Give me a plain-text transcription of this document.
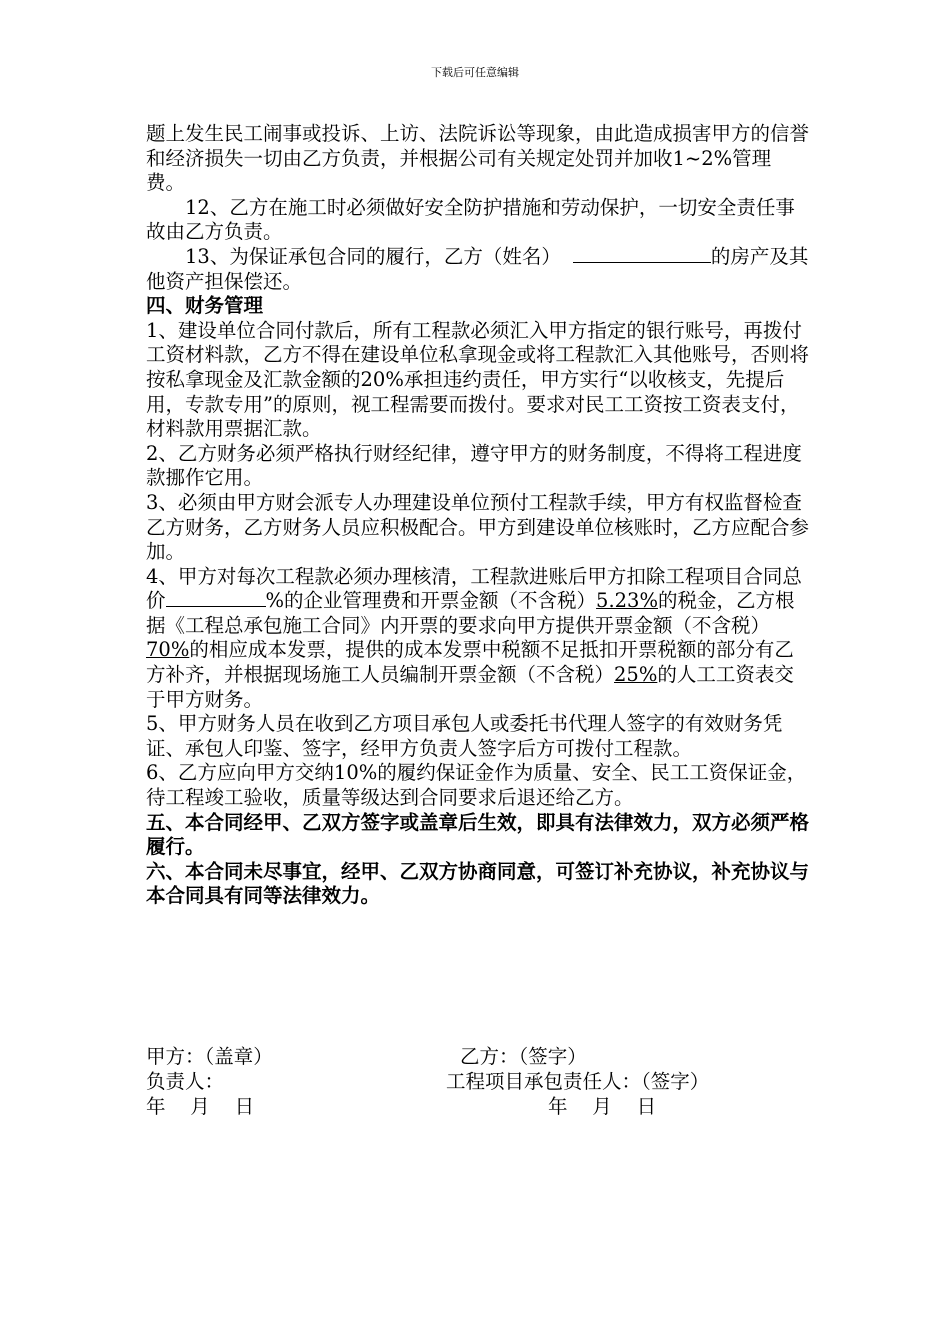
下载后可任意编辑

题上发生民工闹事或投诉、上访、法院诉讼等现象，由此造成损害甲方的信誉和经济损失一切由乙方负责，并根据公司有关规定处罚并加收1~2%管理费。

12、乙方在施工时必须做好安全防护措施和劳动保护，一切安全责任事故由乙方负责。

13、为保证承包合同的履行，乙方（姓名）	的房产及其他资产担保偿还。

四、财务管理

1、建设单位合同付款后，所有工程款必须汇入甲方指定的银行账号，再拨付工资材料款，乙方不得在建设单位私拿现金或将工程款汇入其他账号，否则将按私拿现金及汇款金额的20%承担违约责任，甲方实行“以收核支，先提后用，专款专用”的原则，视工程需要而拨付。要求对民工工资按工资表支付，材料款用票据汇款。

2、乙方财务必须严格执行财经纪律，遵守甲方的财务制度，不得将工程进度款挪作它用。

3、必须由甲方财会派专人办理建设单位预付工程款手续，甲方有权监督检查乙方财务，乙方财务人员应积极配合。甲方到建设单位核账时，乙方应配合参加。

4、甲方对每次工程款必须办理核清，工程款进账后甲方扣除工程项目合同总价	%的企业管理费和开票金额（不含税）5.23%的税金，乙方根据《工程总承包施工合同》内开票的要求向甲方提供开票金额（不含税）70%的相应成本发票，提供的成本发票中税额不足抵扣开票税额的部分有乙方补齐，并根据现场施工人员编制开票金额（不含税）25%的人工工资表交于甲方财务。

5、甲方财务人员在收到乙方项目承包人或委托书代理人签字的有效财务凭证、承包人印鉴、签字，经甲方负责人签字后方可拨付工程款。

6、乙方应向甲方交纳10%的履约保证金作为质量、安全、民工工资保证金，待工程竣工验收，质量等级达到合同要求后退还给乙方。

五、本合同经甲、乙双方签字或盖章后生效，即具有法律效力，双方必须严格履行。

六、本合同未尽事宜，经甲、乙双方协商同意，可签订补充协议，补充协议与本合同具有同等法律效力。

甲方：（盖章）	乙方：（签字）
负责人：	工程项目承包责任人：（签字）
年    月    日	年    月    日
